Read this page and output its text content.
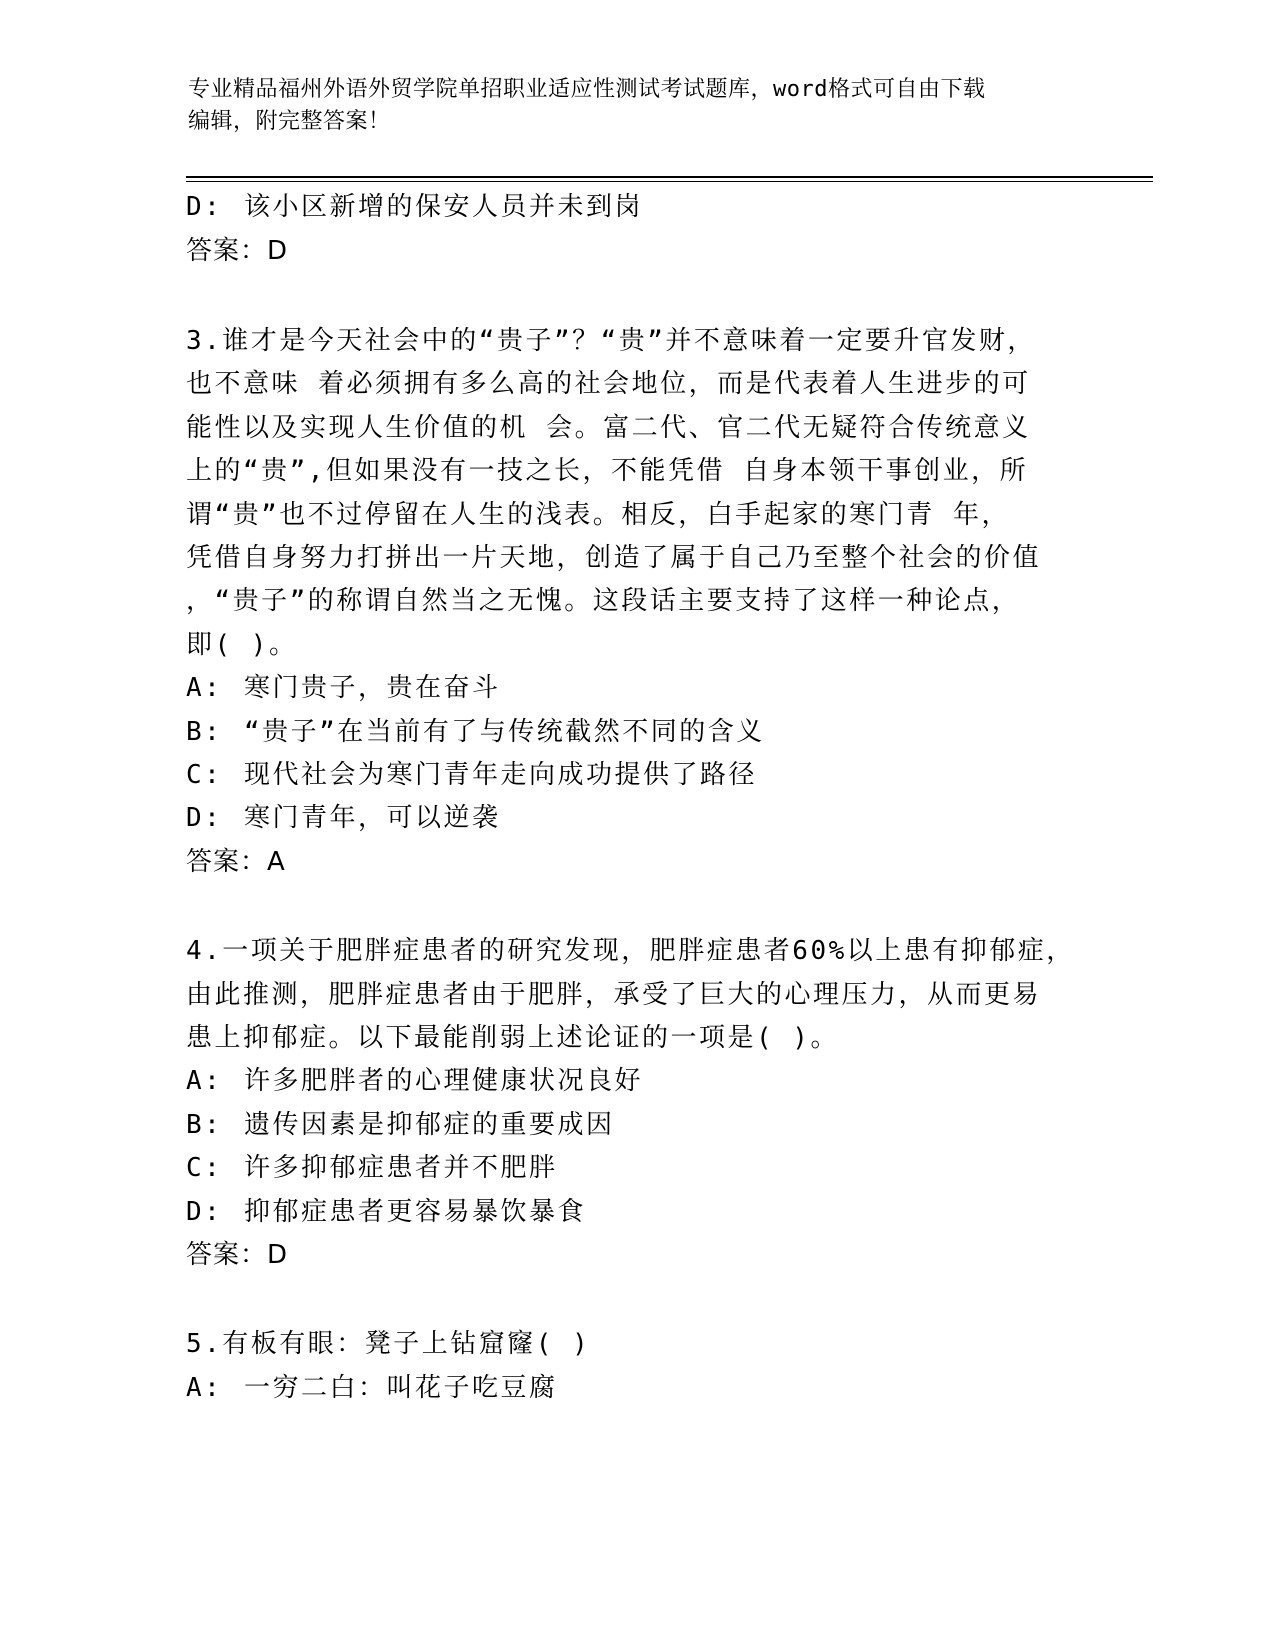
专业精品福州外语外贸学院单招职业适应性测试考试题库，word格式可自由下载
编辑，附完整答案！
D: 该小区新增的保安人员并未到岗
答案：D
3.谁才是今天社会中的“贵子”？“贵”并不意味着一定要升官发财，
也不意味 着必须拥有多么高的社会地位，而是代表着人生进步的可
能性以及实现人生价值的机 会。富二代、官二代无疑符合传统意义
上的“贵”,但如果没有一技之长，不能凭借 自身本领干事创业，所
谓“贵”也不过停留在人生的浅表。相反，白手起家的寒门青 年，
凭借自身努力打拼出一片天地，创造了属于自己乃至整个社会的价值
，“贵子”的称谓自然当之无愧。这段话主要支持了这样一种论点，
即( )。
A: 寒门贵子，贵在奋斗
B: “贵子”在当前有了与传统截然不同的含义
C: 现代社会为寒门青年走向成功提供了路径
D: 寒门青年，可以逆袭
答案：A
4.一项关于肥胖症患者的研究发现，肥胖症患者60%以上患有抑郁症，
由此推测，肥胖症患者由于肥胖，承受了巨大的心理压力，从而更易
患上抑郁症。以下最能削弱上述论证的一项是( )。
A: 许多肥胖者的心理健康状况良好
B: 遗传因素是抑郁症的重要成因
C: 许多抑郁症患者并不肥胖
D: 抑郁症患者更容易暴饮暴食
答案：D
5.有板有眼：凳子上钻窟窿( )
A: 一穷二白：叫花子吃豆腐
